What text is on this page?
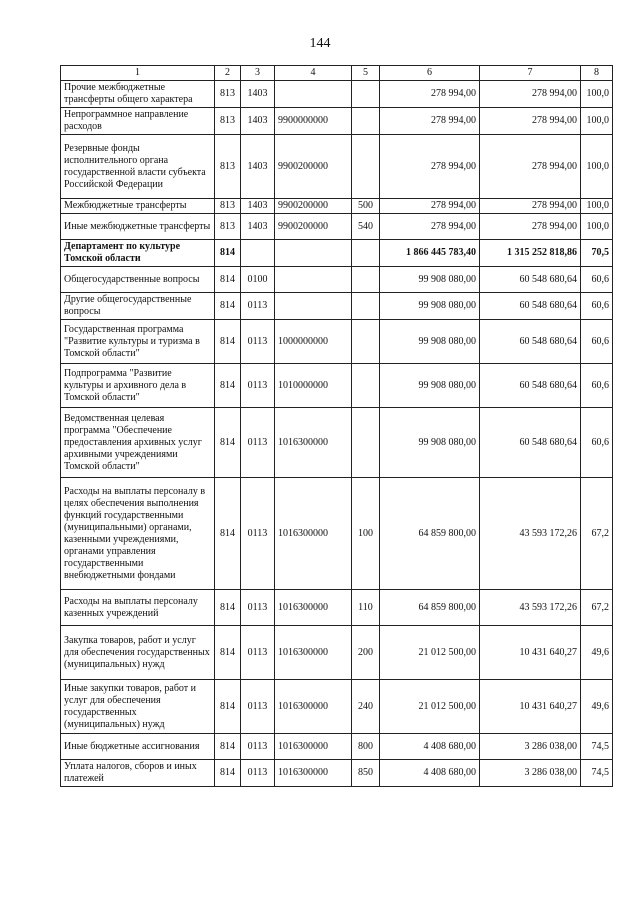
144
1	2	3	4	5	6	7	8
Прочие межбюджетные трансферты общего характера	813	1403			278 994,00	278 994,00	100,0
Непрограммное направление расходов	813	1403	9900000000		278 994,00	278 994,00	100,0
Резервные фонды исполнительного органа государственной власти субъекта Российской Федерации	813	1403	9900200000		278 994,00	278 994,00	100,0
Межбюджетные трансферты	813	1403	9900200000	500	278 994,00	278 994,00	100,0
Иные межбюджетные трансферты	813	1403	9900200000	540	278 994,00	278 994,00	100,0
Департамент по культуре Томской области	814				1 866 445 783,40	1 315 252 818,86	70,5
Общегосударственные вопросы	814	0100			99 908 080,00	60 548 680,64	60,6
Другие общегосударственные вопросы	814	0113			99 908 080,00	60 548 680,64	60,6
Государственная программа "Развитие культуры и туризма в Томской области"	814	0113	1000000000		99 908 080,00	60 548 680,64	60,6
Подпрограмма "Развитие культуры и архивного дела в Томской области"	814	0113	1010000000		99 908 080,00	60 548 680,64	60,6
Ведомственная целевая программа "Обеспечение предоставления архивных услуг архивными учреждениями Томской области"	814	0113	1016300000		99 908 080,00	60 548 680,64	60,6
Расходы на выплаты персоналу в целях обеспечения выполнения функций государственными (муниципальными) органами, казенными учреждениями, органами управления государственными внебюджетными фондами	814	0113	1016300000	100	64 859 800,00	43 593 172,26	67,2
Расходы на выплаты персоналу казенных учреждений	814	0113	1016300000	110	64 859 800,00	43 593 172,26	67,2
Закупка товаров, работ и услуг для обеспечения государственных (муниципальных) нужд	814	0113	1016300000	200	21 012 500,00	10 431 640,27	49,6
Иные закупки товаров, работ и услуг для обеспечения государственных (муниципальных) нужд	814	0113	1016300000	240	21 012 500,00	10 431 640,27	49,6
Иные бюджетные ассигнования	814	0113	1016300000	800	4 408 680,00	3 286 038,00	74,5
Уплата налогов, сборов и иных платежей	814	0113	1016300000	850	4 408 680,00	3 286 038,00	74,5
